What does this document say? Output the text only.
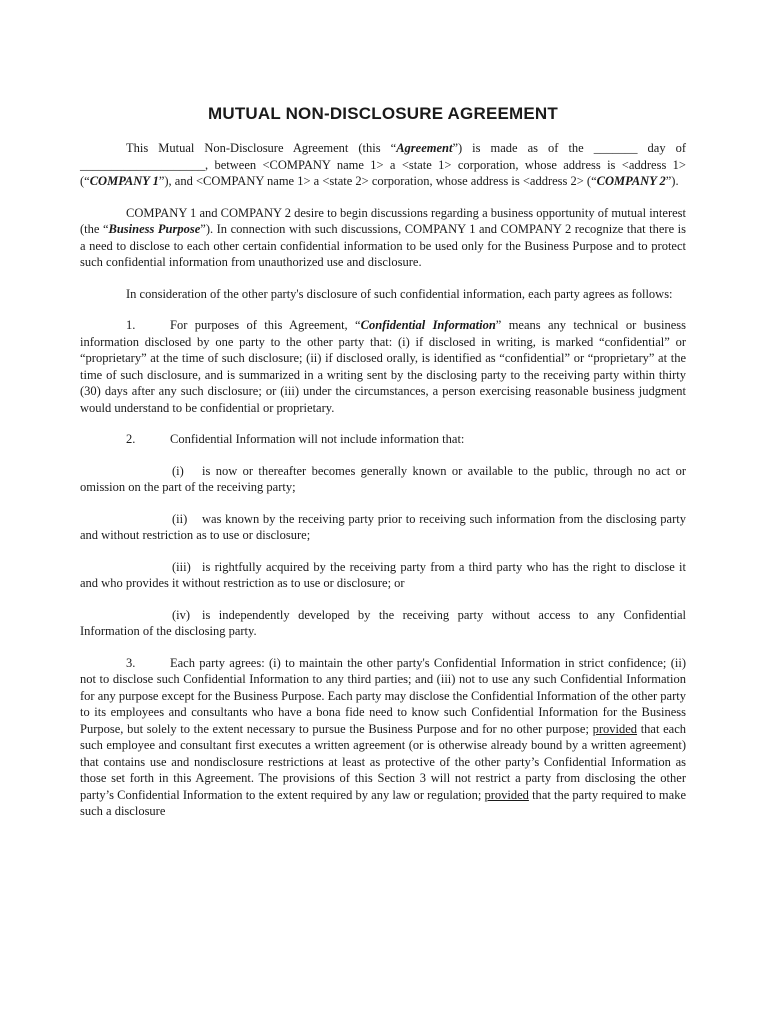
MUTUAL NON-DISCLOSURE AGREEMENT

This Mutual Non-Disclosure Agreement (this “Agreement”) is made as of the _______ day of ____________________, between <COMPANY name 1> a <state 1> corporation, whose address is <address 1> (“COMPANY 1”), and <COMPANY name 1> a <state 2> corporation, whose address is <address 2> (“COMPANY 2”).

COMPANY 1 and COMPANY 2 desire to begin discussions regarding a business opportunity of mutual interest (the “Business Purpose”). In connection with such discussions, COMPANY 1 and COMPANY 2 recognize that there is a need to disclose to each other certain confidential information to be used only for the Business Purpose and to protect such confidential information from unauthorized use and disclosure.

In consideration of the other party's disclosure of such confidential information, each party agrees as follows:

1.	For purposes of this Agreement, “Confidential Information” means any technical or business information disclosed by one party to the other party that: (i) if disclosed in writing, is marked “confidential” or “proprietary” at the time of such disclosure; (ii) if disclosed orally, is identified as “confidential” or “proprietary” at the time of such disclosure, and is summarized in a writing sent by the disclosing party to the receiving party within thirty (30) days after any such disclosure; or (iii) under the circumstances, a person exercising reasonable business judgment would understand to be confidential or proprietary.

2.	Confidential Information will not include information that:

(i) is now or thereafter becomes generally known or available to the public, through no act or omission on the part of the receiving party;

(ii) was known by the receiving party prior to receiving such information from the disclosing party and without restriction as to use or disclosure;

(iii) is rightfully acquired by the receiving party from a third party who has the right to disclose it and who provides it without restriction as to use or disclosure; or

(iv) is independently developed by the receiving party without access to any Confidential Information of the disclosing party.

3.	Each party agrees: (i) to maintain the other party's Confidential Information in strict confidence; (ii) not to disclose such Confidential Information to any third parties; and (iii) not to use any such Confidential Information for any purpose except for the Business Purpose. Each party may disclose the Confidential Information of the other party to its employees and consultants who have a bona fide need to know such Confidential Information for the Business Purpose, but solely to the extent necessary to pursue the Business Purpose and for no other purpose; provided that each such employee and consultant first executes a written agreement (or is otherwise already bound by a written agreement) that contains use and nondisclosure restrictions at least as protective of the other party’s Confidential Information as those set forth in this Agreement. The provisions of this Section 3 will not restrict a party from disclosing the other party’s Confidential Information to the extent required by any law or regulation; provided that the party required to make such a disclosure
